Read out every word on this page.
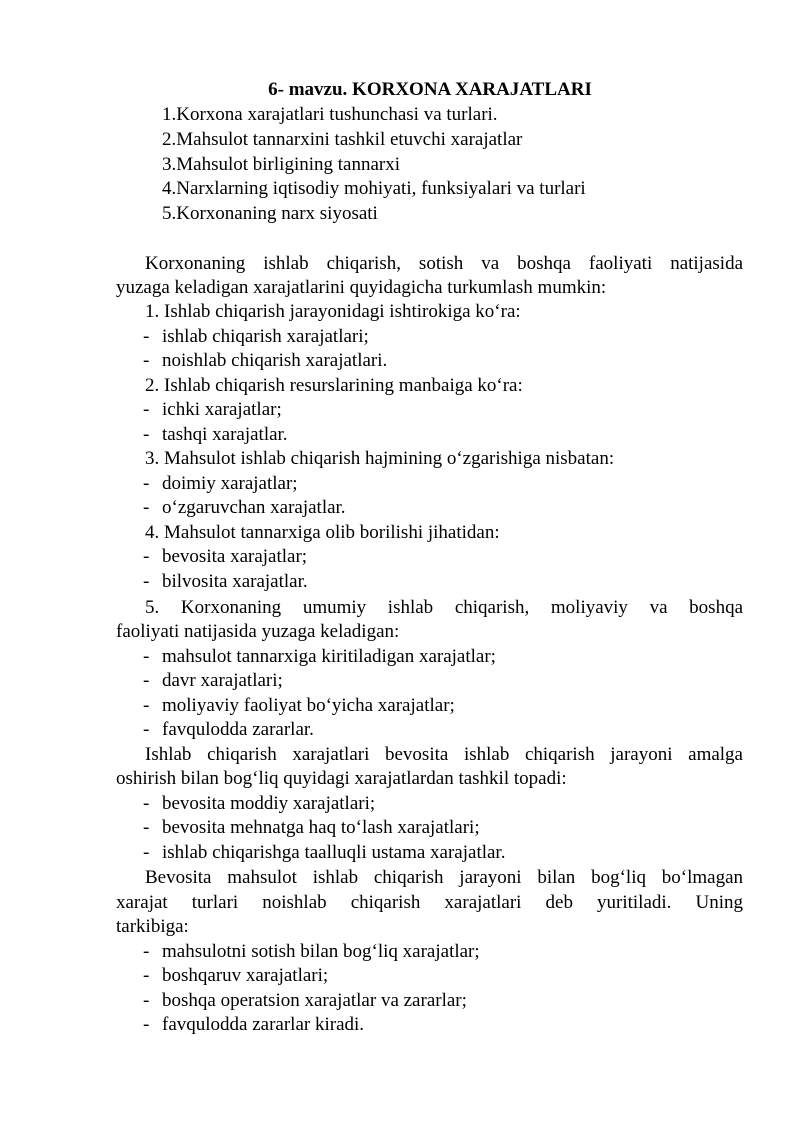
6- mavzu. KORXONA XARAJATLARI
1.Korxona xarajatlari tushunchasi va turlari.
2.Mahsulot tannarxini tashkil etuvchi xarajatlar
3.Mahsulot birligining tannarxi
4.Narxlarning iqtisodiy mohiyati, funksiyalari va turlari
5.Korxonaning narx siyosati
Korxonaning ishlab chiqarish, sotish va boshqa faoliyati natijasida
yuzaga keladigan xarajatlarini quyidagicha turkumlash mumkin:
1. Ishlab chiqarish jarayonidagi ishtirokiga ko‘ra:
- ishlab chiqarish xarajatlari;
- noishlab chiqarish xarajatlari.
2. Ishlab chiqarish resurslarining manbaiga ko‘ra:
- ichki xarajatlar;
- tashqi xarajatlar.
3. Mahsulot ishlab chiqarish hajmining o‘zgarishiga nisbatan:
- doimiy xarajatlar;
- o‘zgaruvchan xarajatlar.
4. Mahsulot tannarxiga olib borilishi jihatidan:
- bevosita xarajatlar;
- bilvosita xarajatlar.
5. Korxonaning umumiy ishlab chiqarish, moliyaviy va boshqa
faoliyati natijasida yuzaga keladigan:
- mahsulot tannarxiga kiritiladigan xarajatlar;
- davr xarajatlari;
- moliyaviy faoliyat bo‘yicha xarajatlar;
- favqulodda zararlar.
Ishlab chiqarish xarajatlari bevosita ishlab chiqarish jarayoni amalga
oshirish bilan bog‘liq quyidagi xarajatlardan tashkil topadi:
- bevosita moddiy xarajatlari;
- bevosita mehnatga haq to‘lash xarajatlari;
- ishlab chiqarishga taalluqli ustama xarajatlar.
Bevosita mahsulot ishlab chiqarish jarayoni bilan bog‘liq bo‘lmagan
xarajat turlari noishlab chiqarish xarajatlari deb yuritiladi. Uning
tarkibiga:
- mahsulotni sotish bilan bog‘liq xarajatlar;
- boshqaruv xarajatlari;
- boshqa operatsion xarajatlar va zararlar;
- favqulodda zararlar kiradi.
